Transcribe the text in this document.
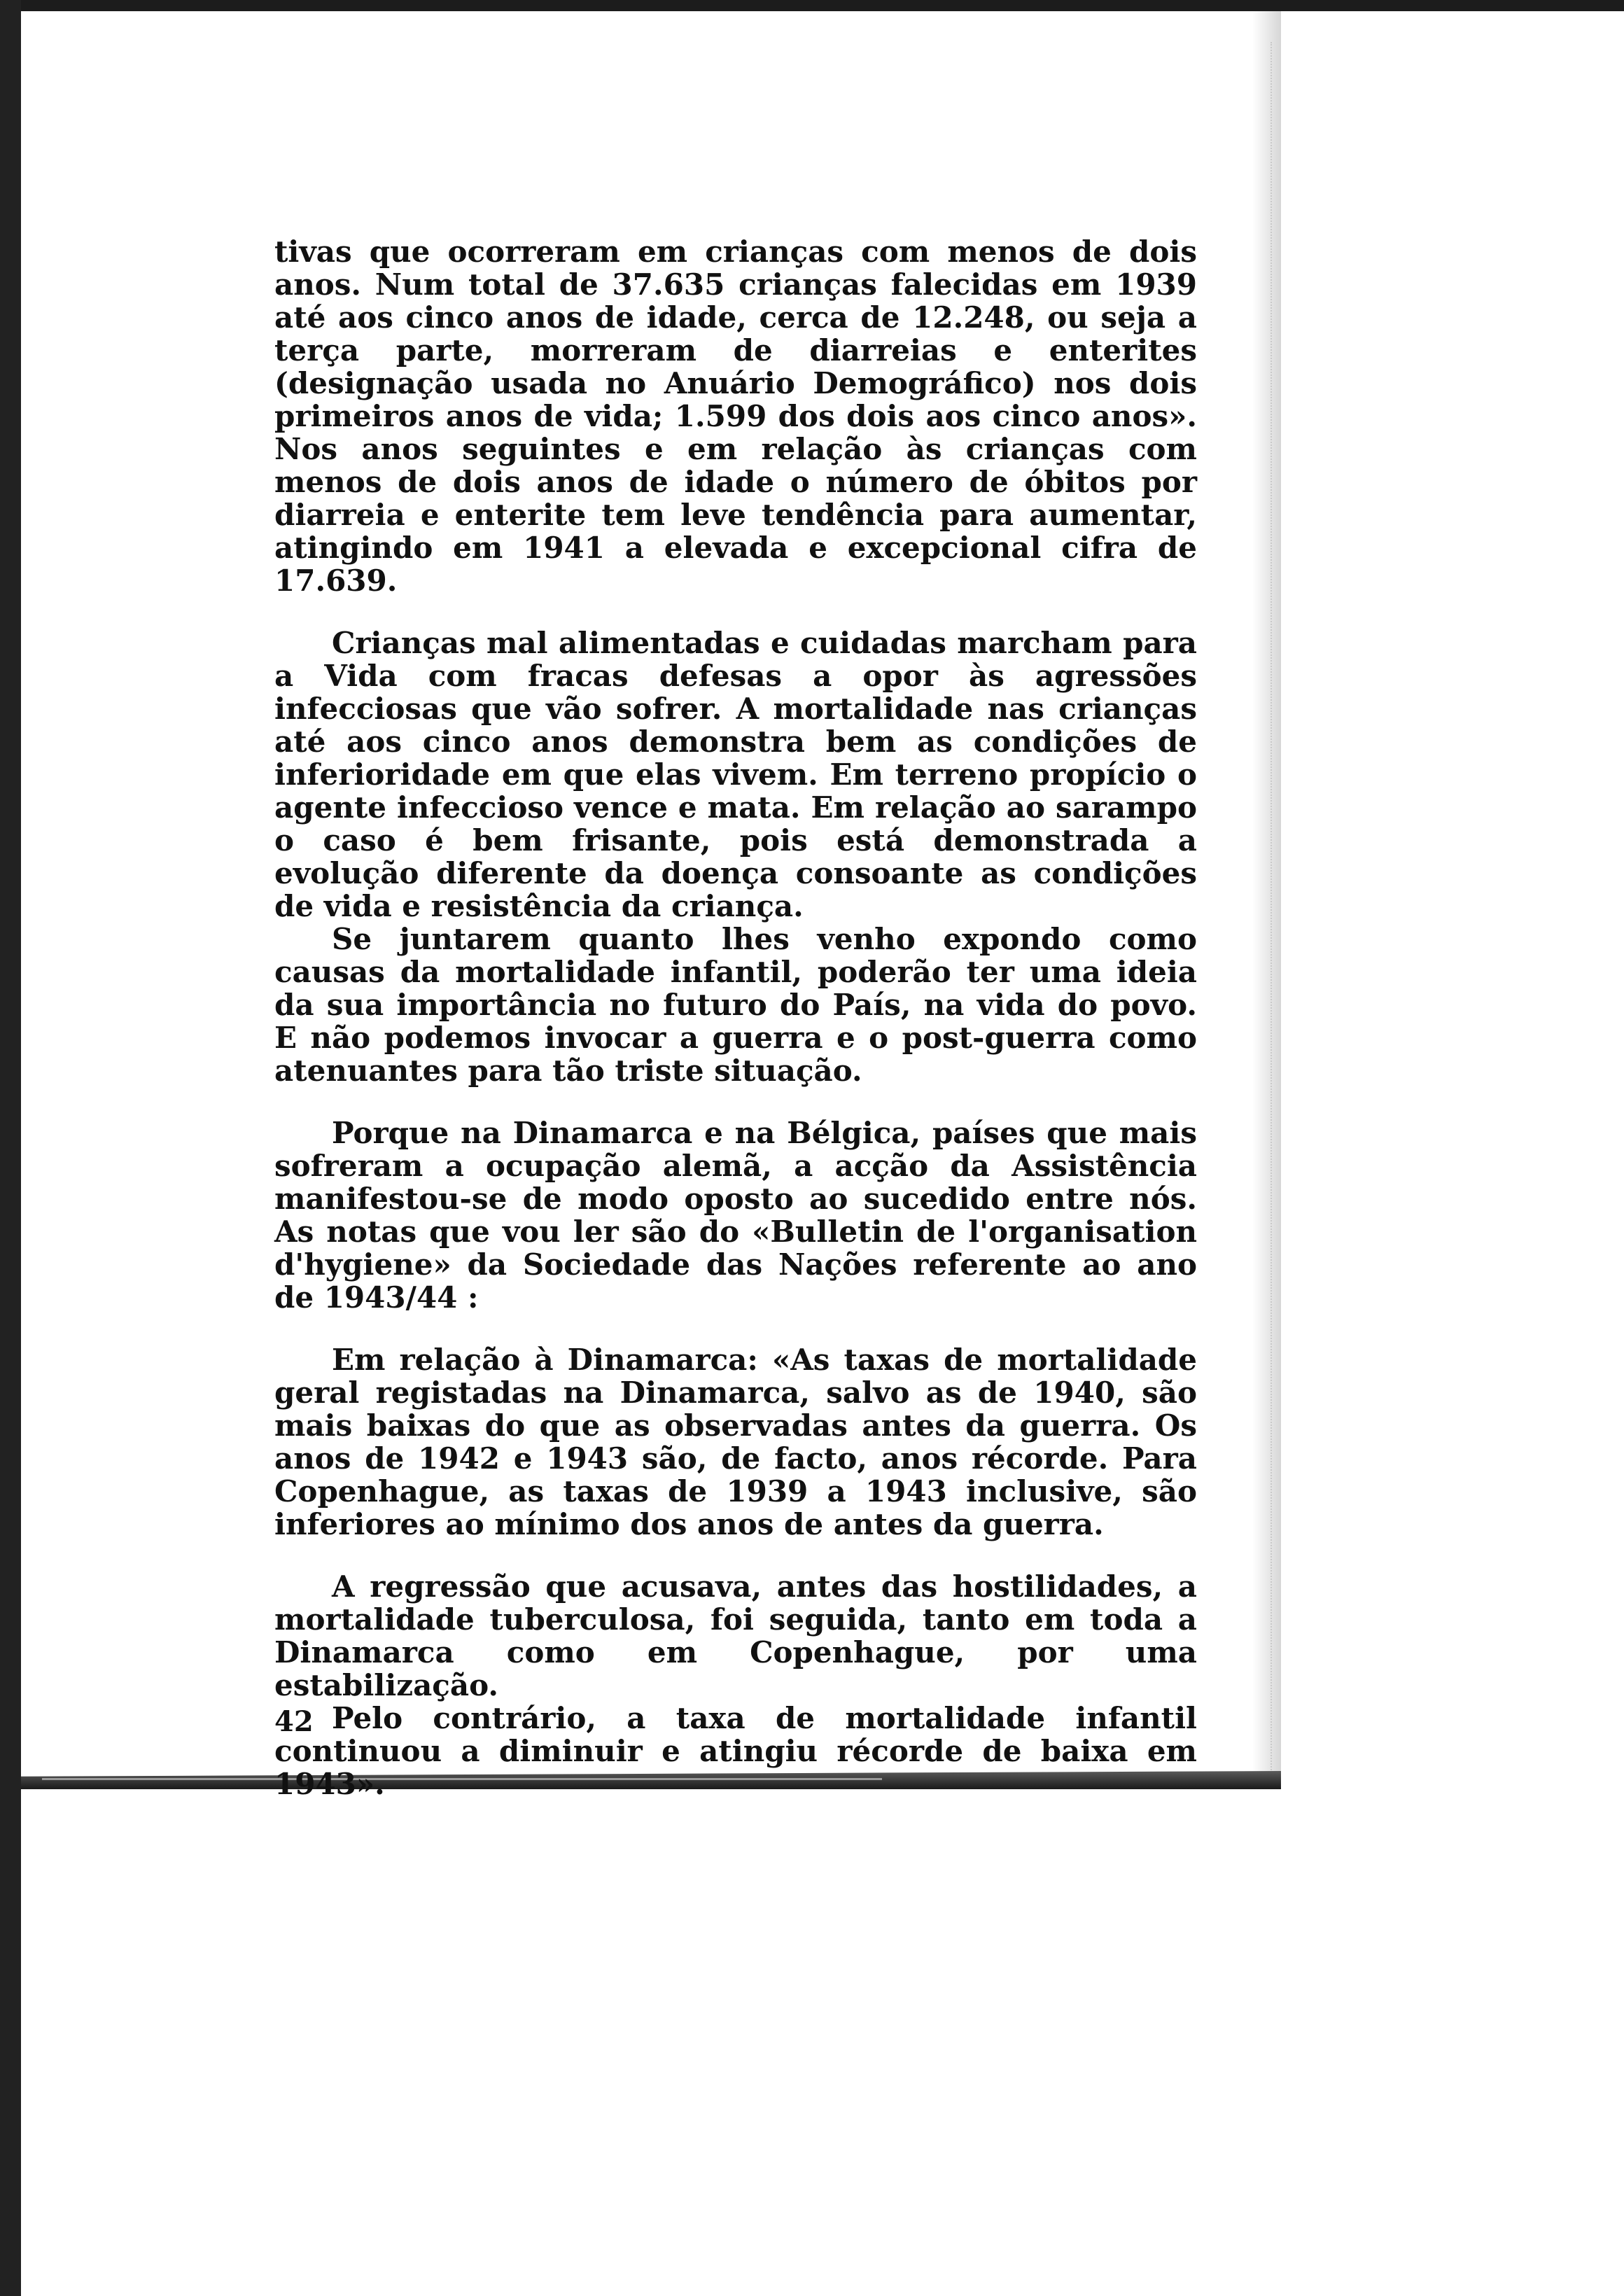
tivas que ocorreram em crianças com menos de dois anos. Num total de 37.635 crianças falecidas em 1939 até aos cinco anos de idade, cerca de 12.248, ou seja a terça parte, morreram de diarreias e enterites (designação usada no Anuário Demográfico) nos dois primeiros anos de vida; 1.599 dos dois aos cinco anos». Nos anos seguintes e em relação às crianças com menos de dois anos de idade o número de óbitos por diarreia e enterite tem leve tendência para aumentar, atingindo em 1941 a elevada e excepcional cifra de 17.639.

Crianças mal alimentadas e cuidadas marcham para a Vida com fracas defesas a opor às agressões infecciosas que vão sofrer. A mortalidade nas crianças até aos cinco anos demonstra bem as condições de inferioridade em que elas vivem. Em terreno propício o agente infeccioso vence e mata. Em relação ao sarampo o caso é bem frisante, pois está demonstrada a evolução diferente da doença consoante as condições de vida e resistência da criança.

Se juntarem quanto lhes venho expondo como causas da mortalidade infantil, poderão ter uma ideia da sua importância no futuro do País, na vida do povo. E não podemos invocar a guerra e o post-guerra como atenuantes para tão triste situação.

Porque na Dinamarca e na Bélgica, países que mais sofreram a ocupação alemã, a acção da Assistência manifestou-se de modo oposto ao sucedido entre nós. As notas que vou ler são do «Bulletin de l'organisation d'hygiene» da Sociedade das Nações referente ao ano de 1943/44 :

Em relação à Dinamarca: «As taxas de mortalidade geral registadas na Dinamarca, salvo as de 1940, são mais baixas do que as observadas antes da guerra. Os anos de 1942 e 1943 são, de facto, anos récorde. Para Copenhague, as taxas de 1939 a 1943 inclusive, são inferiores ao mínimo dos anos de antes da guerra.

A regressão que acusava, antes das hostilidades, a mortalidade tuberculosa, foi seguida, tanto em toda a Dinamarca como em Copenhague, por uma estabilização.

Pelo contrário, a taxa de mortalidade infantil continuou a diminuir e atingiu récorde de baixa em 1943».

42
